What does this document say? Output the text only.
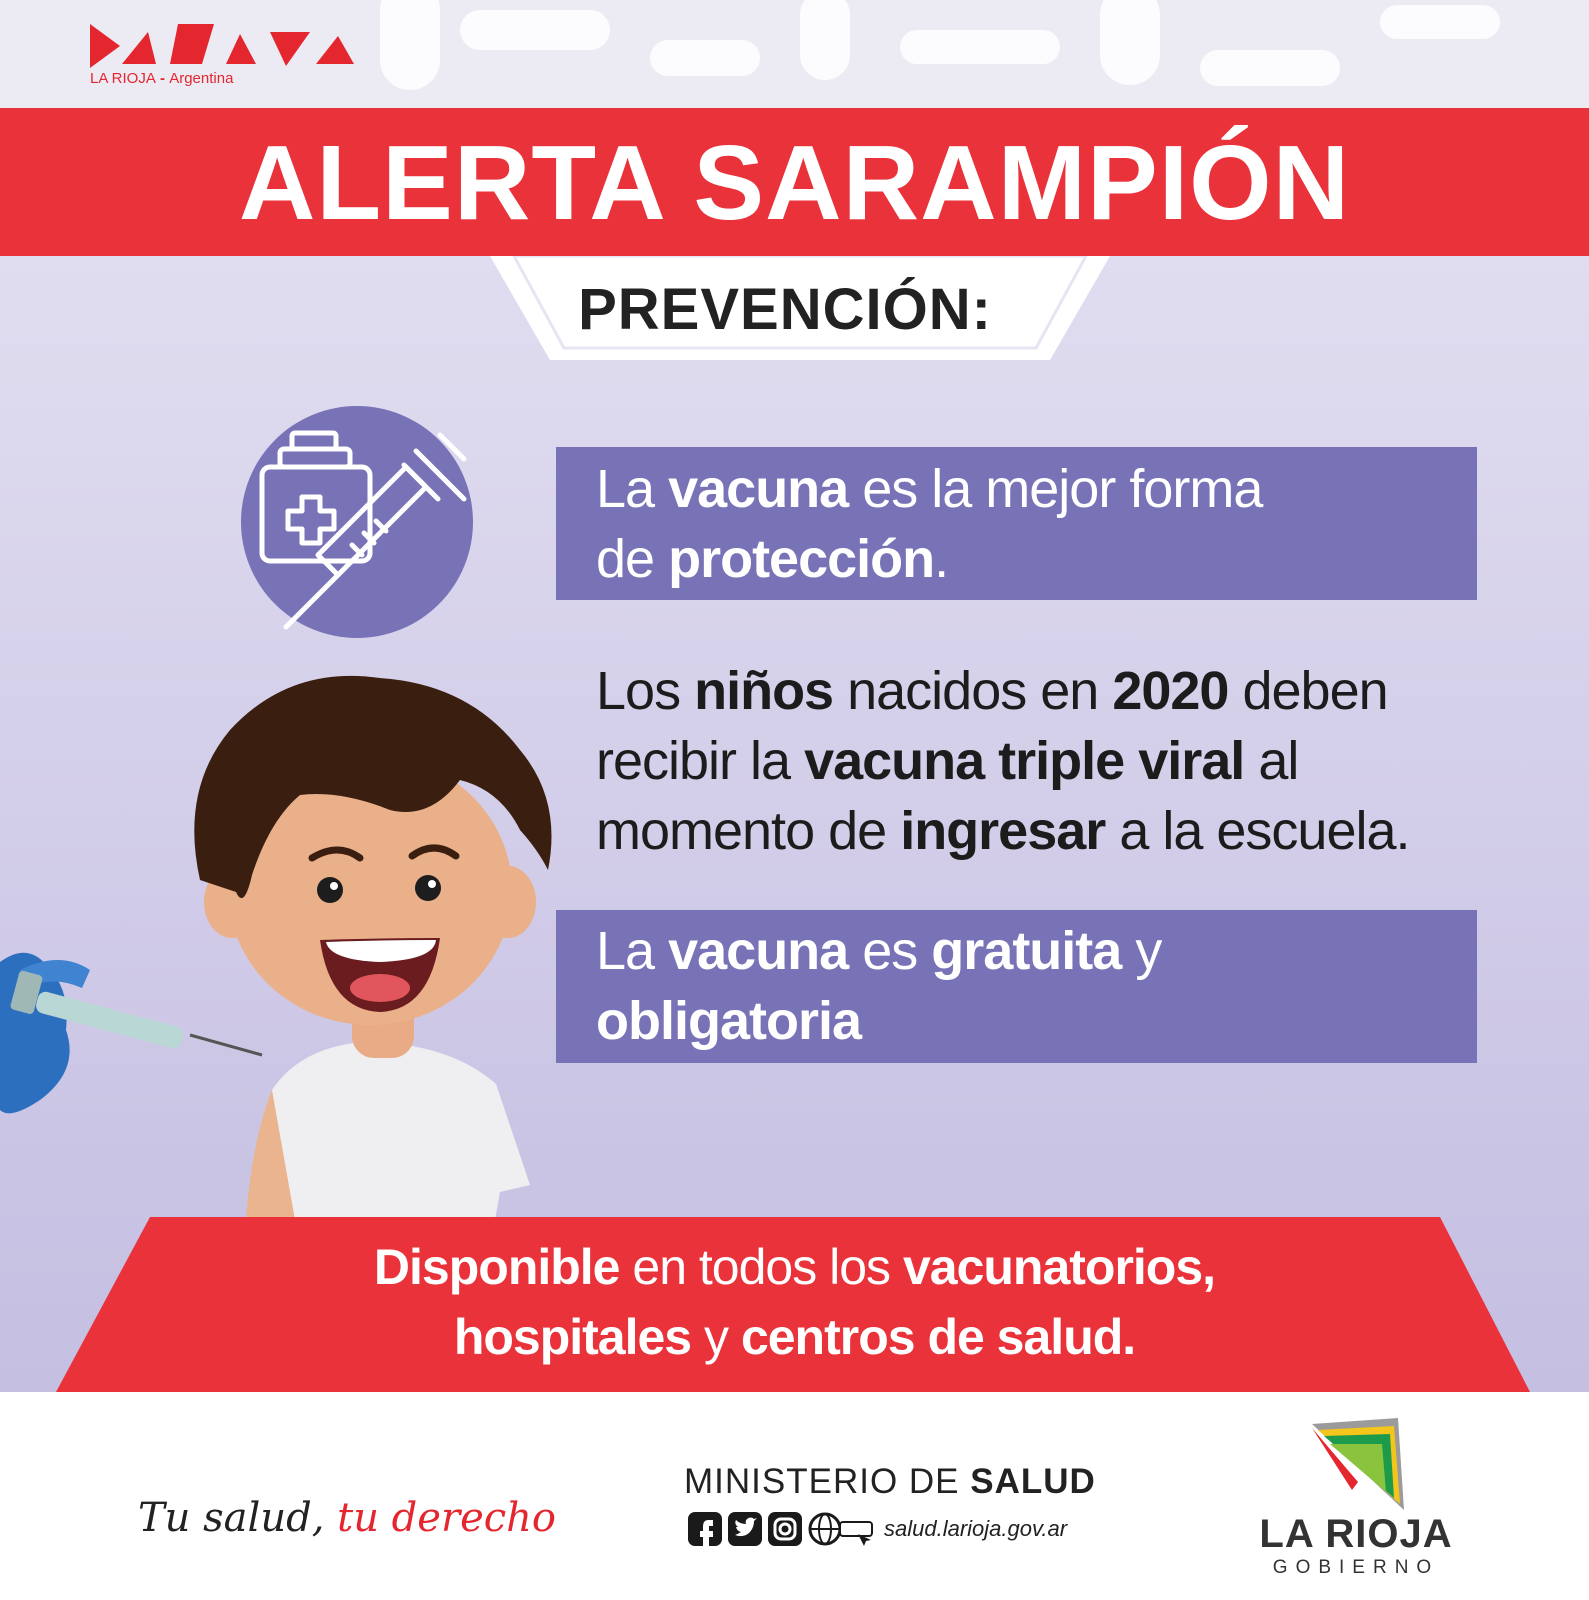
LA RIOJA - Argentina
ALERTA SARAMPIÓN
PREVENCIÓN:
La vacuna es la mejor forma
de protección.
Los niños nacidos en 2020 deben
recibir la vacuna triple viral al
momento de ingresar a la escuela.
La vacuna es gratuita y
obligatoria
Disponible en todos los vacunatorios,
hospitales y centros de salud.
Tu salud, tu derecho
MINISTERIO DE SALUD
salud.larioja.gov.ar	LA RIOJA
GOBIERNO
